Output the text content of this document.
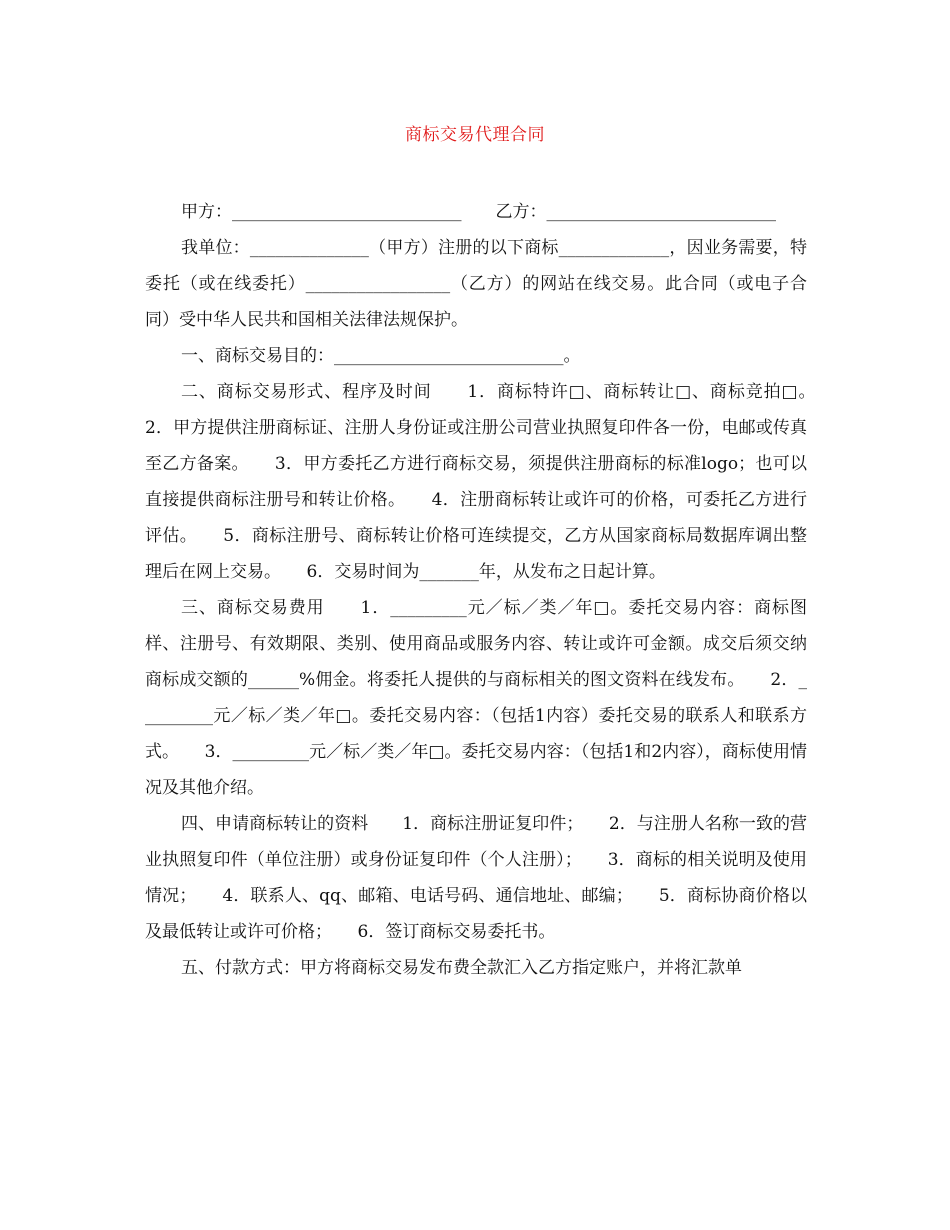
商标交易代理合同

甲方：___________________________　　乙方：___________________________

我单位：______________（甲方）注册的以下商标_____________，因业务需要，特委托（或在线委托）_________________（乙方）的网站在线交易。此合同（或电子合同）受中华人民共和国相关法律法规保护。

一、商标交易目的：___________________________。

二、商标交易形式、程序及时间　　1．商标特许□、商标转让□、商标竞拍□。　　2．甲方提供注册商标证、注册人身份证或注册公司营业执照复印件各一份，电邮或传真至乙方备案。　　3．甲方委托乙方进行商标交易，须提供注册商标的标准logo；也可以直接提供商标注册号和转让价格。　　4．注册商标转让或许可的价格，可委托乙方进行评估。　　5．商标注册号、商标转让价格可连续提交，乙方从国家商标局数据库调出整理后在网上交易。　　6．交易时间为_______年，从发布之日起计算。

三、商标交易费用　　1．_________元／标／类／年□。委托交易内容：商标图样、注册号、有效期限、类别、使用商品或服务内容、转让或许可金额。成交后须交纳商标成交额的______%佣金。将委托人提供的与商标相关的图文资料在线发布。　　2．_________元／标／类／年□。委托交易内容：（包括1内容）委托交易的联系人和联系方式。　　3．_________元／标／类／年□。委托交易内容：（包括1和2内容），商标使用情况及其他介绍。

四、申请商标转让的资料　　1．商标注册证复印件；　　2．与注册人名称一致的营业执照复印件（单位注册）或身份证复印件（个人注册）；　　3．商标的相关说明及使用情况；　　4．联系人、qq、邮箱、电话号码、通信地址、邮编；　　5．商标协商价格以及最低转让或许可价格；　　6．签订商标交易委托书。

五、付款方式：甲方将商标交易发布费全款汇入乙方指定账户，并将汇款单
